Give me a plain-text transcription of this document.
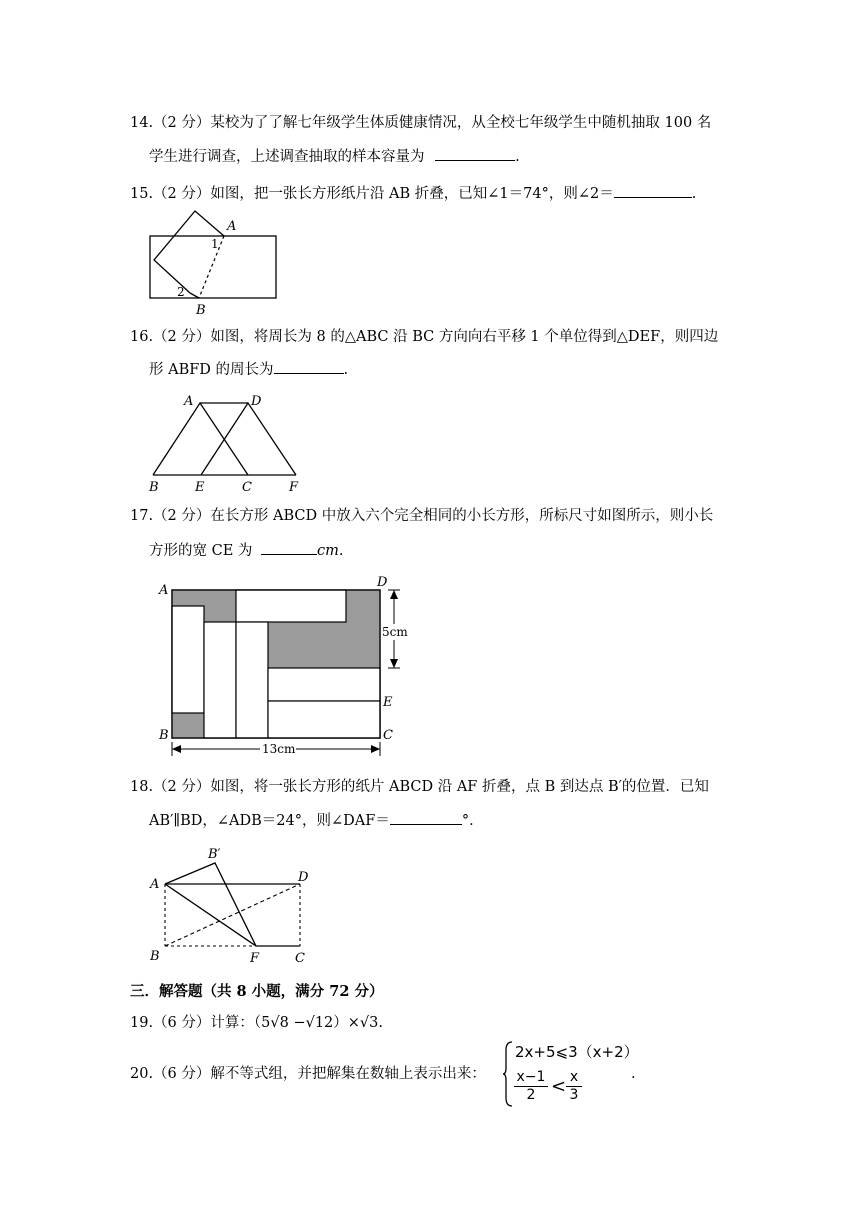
14.（2 分）某校为了了解七年级学生体质健康情况，从全校七年级学生中随机抽取 100 名
学生进行调查，上述调查抽取的样本容量为	.
15.（2 分）如图，把一张长方形纸片沿 AB 折叠，已知∠1＝74°，则∠2＝	.
A
B
1
2
16.（2 分）如图，将周长为 8 的△ABC 沿 BC 方向向右平移 1 个单位得到△DEF，则四边
形 ABFD 的周长为	.
A	D
B	E	C	F
17.（2 分）在长方形 ABCD 中放入六个完全相同的小长方形，所标尺寸如图所示，则小长
方形的宽 CE 为	cm.
5cm
13cm
A
D
B	C
E
18.（2 分）如图，将一张长方形的纸片 ABCD 沿 AF 折叠，点 B 到达点 B′的位置．已知
AB′∥BD，∠ADB＝24°，则∠DAF＝	°．
B′
A	D
B	F	C
三．解答题（共 8 小题，满分 72 分）
19.（6 分）计算：（5√8 −√12）×√3.
20.（6 分）解不等式组，并把解集在数轴上表示出来：
2x+5⩽3（x+2）
$\frac{x-1}{2} < \frac{x}{3}$	.
